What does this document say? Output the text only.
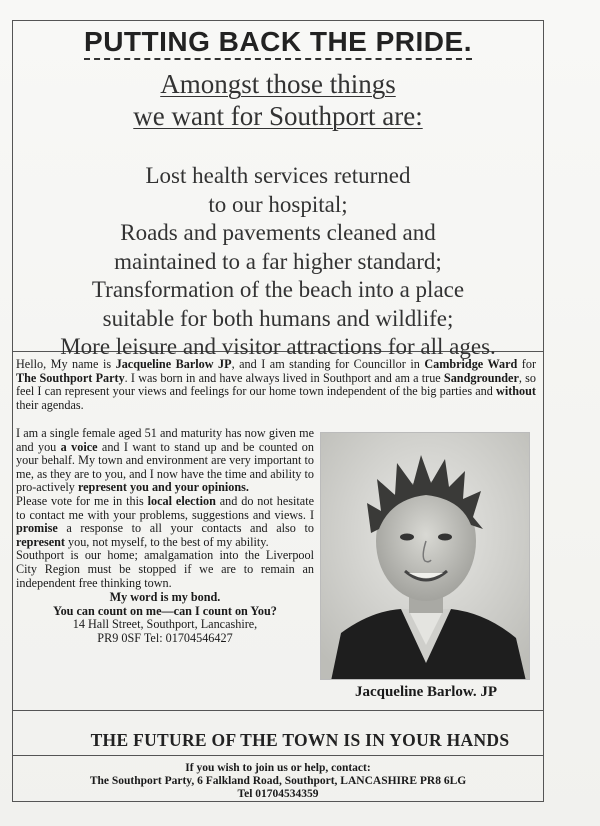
PUTTING BACK THE PRIDE.
Amongst those things
we want for Southport are:
Lost health services returned
to our hospital;
Roads and pavements cleaned and
maintained to a far higher standard;
Transformation of the beach into a place
suitable for both humans and wildlife;
More leisure and visitor attractions for all ages.
Hello, My name is Jacqueline Barlow JP, and I am standing for Councillor in Cambridge Ward for The Southport Party. I was born in and have always lived in Southport and am a true Sandgrounder, so feel I can represent your views and feelings for our home town independent of the big parties and without their agendas.

I am a single female aged 51 and maturity has now given me and you a voice and I want to stand up and be counted on your behalf. My town and environment are very important to me, as they are to you, and I now have the time and ability to pro-actively represent you and your opinions.

Please vote for me in this local election and do not hesitate to contact me with your problems, suggestions and views. I promise a response to all your contacts and also to represent you, not myself, to the best of my ability.

Southport is our home; amalgamation into the Liverpool City Region must be stopped if we are to remain an independent free thinking town.

My word is my bond.
You can count on me—can I count on You?
14 Hall Street, Southport, Lancashire,
PR9 0SF Tel: 01704546427
Jacqueline Barlow. JP
THE FUTURE OF THE TOWN IS IN YOUR HANDS
If you wish to join us or help, contact:
The Southport Party, 6 Falkland Road, Southport, LANCASHIRE PR8 6LG
Tel 01704534359
